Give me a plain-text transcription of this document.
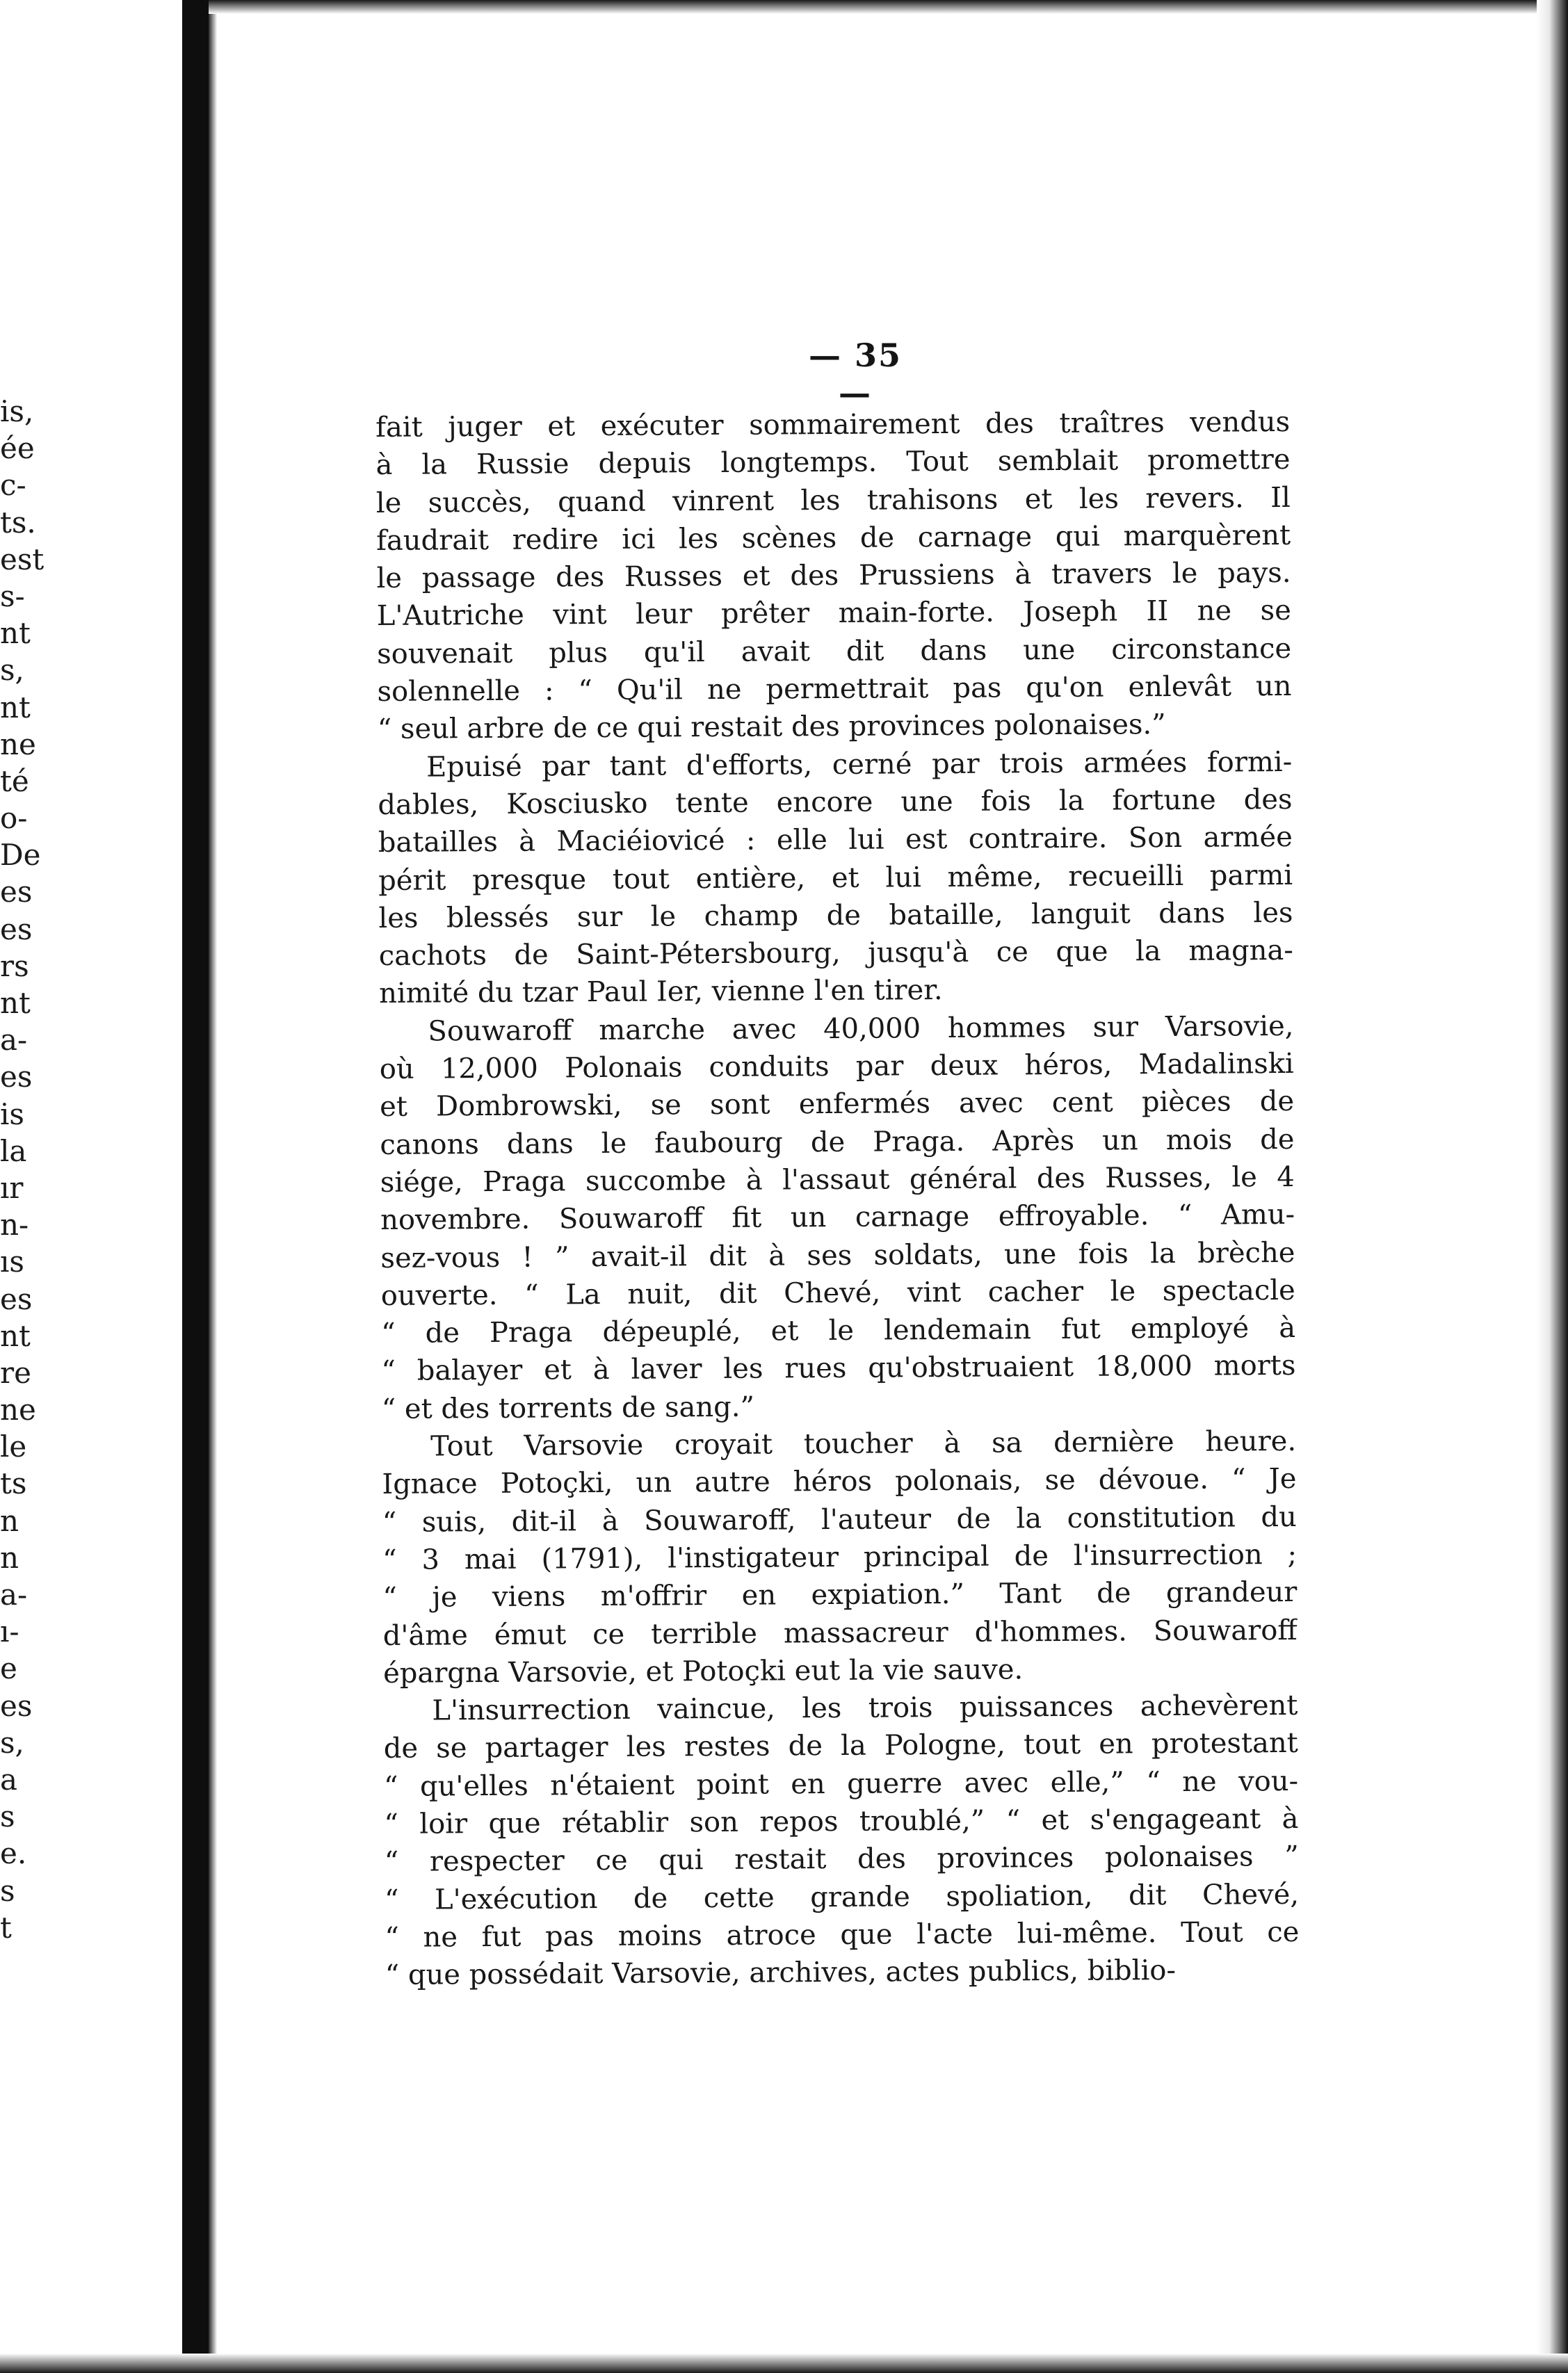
is,
ée
c-
ts.
est
s-
nt
s,
nt
ne
té
o-
De
es
es
rs
nt
a-
es
is
la
ır
n-
ıs
es
nt
re
ne
le
ts
n
n
a-
ı-
e
es
s,
a
s
e.
s
t
— 35 —
fait juger et exécuter sommairement des traîtres vendus
à la Russie depuis longtemps. Tout semblait promettre
le succès, quand vinrent les trahisons et les revers. Il
faudrait redire ici les scènes de carnage qui marquèrent
le passage des Russes et des Prussiens à travers le pays.
L'Autriche vint leur prêter main-forte. Joseph II ne se
souvenait plus qu'il avait dit dans une circonstance
solennelle : “ Qu'il ne permettrait pas qu'on enlevât un
“ seul arbre de ce qui restait des provinces polonaises.”
Epuisé par tant d'efforts, cerné par trois armées formi-
dables, Kosciusko tente encore une fois la fortune des
batailles à Maciéiovicé : elle lui est contraire. Son armée
périt presque tout entière, et lui même, recueilli parmi
les blessés sur le champ de bataille, languit dans les
cachots de Saint-Pétersbourg, jusqu'à ce que la magna-
nimité du tzar Paul Ier, vienne l'en tirer.
Souwaroff marche avec 40,000 hommes sur Varsovie,
où 12,000 Polonais conduits par deux héros, Madalinski
et Dombrowski, se sont enfermés avec cent pièces de
canons dans le faubourg de Praga. Après un mois de
siége, Praga succombe à l'assaut général des Russes, le 4
novembre. Souwaroff fit un carnage effroyable. “ Amu-
sez-vous ! ” avait-il dit à ses soldats, une fois la brèche
ouverte. “ La nuit, dit Chevé, vint cacher le spectacle
“ de Praga dépeuplé, et le lendemain fut employé à
“ balayer et à laver les rues qu'obstruaient 18,000 morts
“ et des torrents de sang.”
Tout Varsovie croyait toucher à sa dernière heure.
Ignace Potoçki, un autre héros polonais, se dévoue. “ Je
“ suis, dit-il à Souwaroff, l'auteur de la constitution du
“ 3 mai (1791), l'instigateur principal de l'insurrection ;
“ je viens m'offrir en expiation.” Tant de grandeur
d'âme émut ce terrible massacreur d'hommes. Souwaroff
épargna Varsovie, et Potoçki eut la vie sauve.
L'insurrection vaincue, les trois puissances achevèrent
de se partager les restes de la Pologne, tout en protestant
“ qu'elles n'étaient point en guerre avec elle,” “ ne vou-
“ loir que rétablir son repos troublé,” “ et s'engageant à
“ respecter ce qui restait des provinces polonaises ”
“ L'exécution de cette grande spoliation, dit Chevé,
“ ne fut pas moins atroce que l'acte lui-même. Tout ce
“ que possédait Varsovie, archives, actes publics, biblio-
